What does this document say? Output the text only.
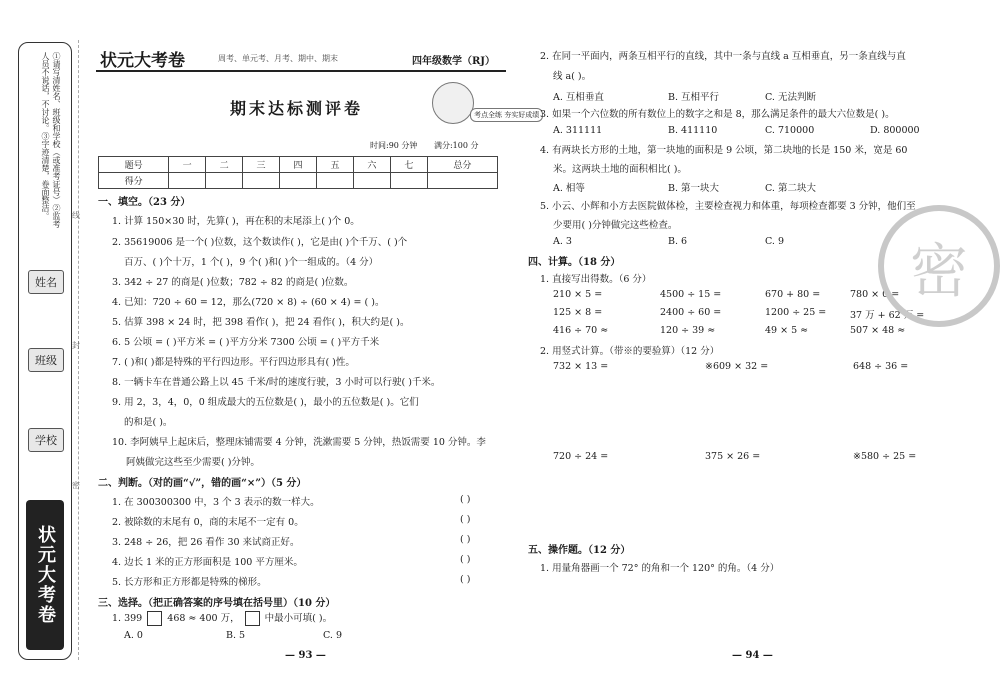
①请写清姓名、班级和学校（或准考证号）②监考人员不说话，不讨论。③字迹清楚，卷面整洁。
姓名
班级
学校
状元大考卷
线
封
密
状元大考卷	周考、单元考、月考、期中、期末	四年级数学（RJ）
期末达标测评卷	考点全练 夯实好成绩
时间:90 分钟 满分:100 分
题号	一	二	三	四	五	六	七	总分
得分								
一、填空。（23 分）
1. 计算 150×30 时，先算( )，再在积的末尾添上( )个 0。
2. 35619006 是一个( )位数，这个数读作( )，它是由( )个千万、( )个
百万、( )个十万，1 个( )，9 个( )和( )个一组成的。（4 分）
3. 342 ÷ 27 的商是( )位数；782 ÷ 82 的商是( )位数。
4. 已知：720 ÷ 60 = 12，那么(720 × 8) ÷ (60 × 4) = ( )。
5. 估算 398 × 24 时，把 398 看作( )，把 24 看作( )，积大约是( )。
6. 5 公顷 = ( )平方米 = ( )平方分米 7300 公顷 = ( )平方千米
7. ( )和( )都是特殊的平行四边形。平行四边形具有( )性。
8. 一辆卡车在普通公路上以 45 千米/时的速度行驶，3 小时可以行驶( )千米。
9. 用 2，3，4，0，0 组成最大的五位数是( )，最小的五位数是( )。它们
的和是( )。
10. 李阿姨早上起床后，整理床铺需要 4 分钟，洗漱需要 5 分钟，热饭需要 10 分钟。李
阿姨做完这些至少需要( )分钟。
二、判断。（对的画“√”，错的画“×”）（5 分）
1. 在 300300300 中，3 个 3 表示的数一样大。
2. 被除数的末尾有 0，商的末尾不一定有 0。
3. 248 ÷ 26，把 26 看作 30 来试商正好。
4. 边长 1 米的正方形面积是 100 平方厘米。
5. 长方形和正方形都是特殊的梯形。
三、选择。（把正确答案的序号填在括号里）（10 分）
( )
( )
( )
( )
( )
1. 399	468 ≈ 400 万，	中最小可填( )。
A. 0	B. 5	C. 9
2. 在同一平面内，两条互相平行的直线，其中一条与直线 a 互相垂直，另一条直线与直
线 a( )。
A. 互相垂直	B. 互相平行	C. 无法判断
3. 如果一个六位数的所有数位上的数字之和是 8，那么满足条件的最大六位数是( )。
A. 311111	B. 411110	C. 710000	D. 800000
4. 有两块长方形的土地，第一块地的面积是 9 公顷，第二块地的长是 150 米，宽是 60
米。这两块土地的面积相比( )。
A. 相等	B. 第一块大	C. 第二块大
5. 小云、小辉和小方去医院做体检，主要检查视力和体重，每项检查都要 3 分钟，他们至
少要用( )分钟做完这些检查。
A. 3	B. 6	C. 9
四、计算。（18 分）
1. 直接写出得数。（6 分）
210 × 5 =	4500 ÷ 15 =	670 + 80 =	780 × 0 =
125 × 8 =	2400 ÷ 60 =	1200 ÷ 25 =	37 万 + 62 万 =
416 ÷ 70 ≈	120 ÷ 39 ≈	49 × 5 ≈	507 × 48 ≈
2. 用竖式计算。（带※的要验算）（12 分）
732 × 13 =	※609 × 32 =	648 ÷ 36 =
720 ÷ 24 =	375 × 26 =	※580 ÷ 25 =
五、操作题。（12 分）
1. 用量角器画一个 72° 的角和一个 120° 的角。（4 分）
— 93 —	— 94 —
密
